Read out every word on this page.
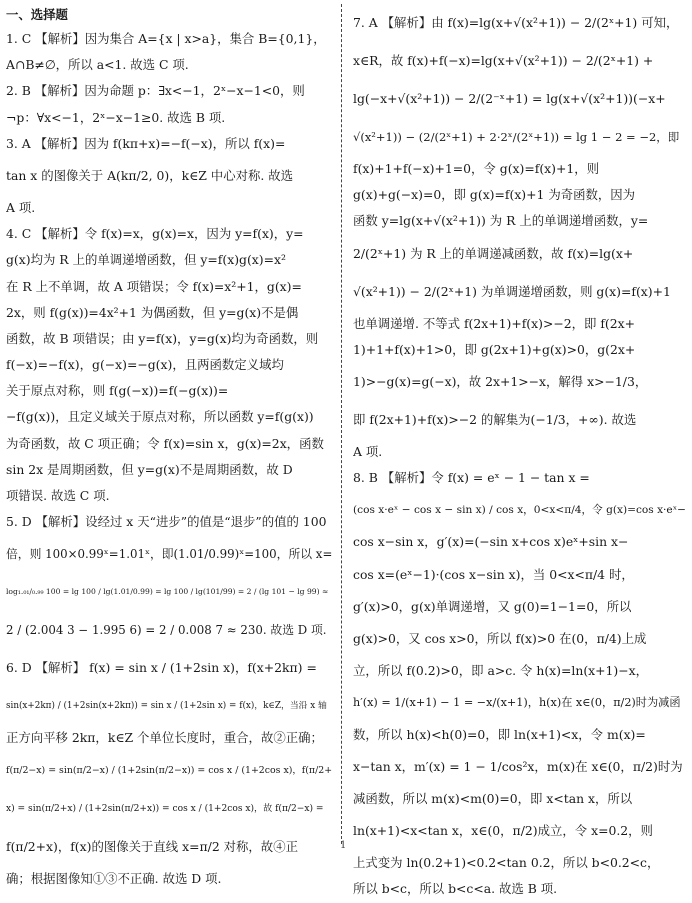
一、选择题
1. C 【解析】因为集合 A={x | x>a}，集合 B={0,1}，
A∩B≠∅，所以 a<1. 故选 C 项.
2. B 【解析】因为命题 p：∃x<−1，2ˣ−x−1<0，则
¬p：∀x<−1，2ˣ−x−1≥0. 故选 B 项.
3. A 【解析】因为 f(kπ+x)=−f(−x)，所以 f(x)=
tan x 的图像关于 A(kπ/2, 0)，k∈Z 中心对称. 故选
A 项.
4. C 【解析】令 f(x)=x，g(x)=x，因为 y=f(x)，y=
g(x)均为 R 上的单调递增函数，但 y=f(x)g(x)=x²
在 R 上不单调，故 A 项错误；令 f(x)=x²+1，g(x)=
2x，则 f(g(x))=4x²+1 为偶函数，但 y=g(x)不是偶
函数，故 B 项错误；由 y=f(x)，y=g(x)均为奇函数，则
f(−x)=−f(x)，g(−x)=−g(x)，且两函数定义域均
关于原点对称，则 f(g(−x))=f(−g(x))=
−f(g(x))，且定义域关于原点对称，所以函数 y=f(g(x))
为奇函数，故 C 项正确；令 f(x)=sin x，g(x)=2x，函数
sin 2x 是周期函数，但 y=g(x)不是周期函数，故 D
项错误. 故选 C 项.
5. D 【解析】设经过 x 天“进步”的值是“退步”的值的 100
倍，则 100×0.99ˣ=1.01ˣ，即(1.01/0.99)ˣ=100，所以 x=
log₁.₀₁/₀.₉₉ 100 = lg 100 / lg(1.01/0.99) = lg 100 / lg(101/99) = 2 / (lg 101 − lg 99) ≈
2 / (2.004 3 − 1.995 6) = 2 / 0.008 7 ≈ 230. 故选 D 项.
6. D 【解析】 f(x) = sin x / (1+2sin x)，f(x+2kπ) =
sin(x+2kπ) / (1+2sin(x+2kπ)) = sin x / (1+2sin x) = f(x)，k∈Z，当沿 x 轴
正方向平移 2kπ，k∈Z 个单位长度时，重合，故②正确；
f(π/2−x) = sin(π/2−x) / (1+2sin(π/2−x)) = cos x / (1+2cos x)，f(π/2+
x) = sin(π/2+x) / (1+2sin(π/2+x)) = cos x / (1+2cos x)，故 f(π/2−x) =
f(π/2+x)，f(x)的图像关于直线 x=π/2 对称，故④正
确；根据图像知①③不正确. 故选 D 项.
7. A 【解析】由 f(x)=lg(x+√(x²+1)) − 2/(2ˣ+1) 可知，
x∈R，故 f(x)+f(−x)=lg(x+√(x²+1)) − 2/(2ˣ+1) +
lg(−x+√(x²+1)) − 2/(2⁻ˣ+1) = lg(x+√(x²+1))(−x+
√(x²+1)) − (2/(2ˣ+1) + 2·2ˣ/(2ˣ+1)) = lg 1 − 2 = −2，即
f(x)+1+f(−x)+1=0，令 g(x)=f(x)+1，则
g(x)+g(−x)=0，即 g(x)=f(x)+1 为奇函数，因为
函数 y=lg(x+√(x²+1)) 为 R 上的单调递增函数，y=
2/(2ˣ+1) 为 R 上的单调递减函数，故 f(x)=lg(x+
√(x²+1)) − 2/(2ˣ+1) 为单调递增函数，则 g(x)=f(x)+1
也单调递增. 不等式 f(2x+1)+f(x)>−2，即 f(2x+
1)+1+f(x)+1>0，即 g(2x+1)+g(x)>0，g(2x+
1)>−g(x)=g(−x)，故 2x+1>−x，解得 x>−1/3，
即 f(2x+1)+f(x)>−2 的解集为(−1/3，+∞). 故选
A 项.
8. B 【解析】令 f(x) = eˣ − 1 − tan x =
(cos x·eˣ − cos x − sin x) / cos x，0<x<π/4，令 g(x)=cos x·eˣ−
cos x−sin x，g′(x)=(−sin x+cos x)eˣ+sin x−
cos x=(eˣ−1)·(cos x−sin x)，当 0<x<π/4 时，
g′(x)>0，g(x)单调递增，又 g(0)=1−1=0，所以
g(x)>0，又 cos x>0，所以 f(x)>0 在(0，π/4)上成
立，所以 f(0.2)>0，即 a>c. 令 h(x)=ln(x+1)−x，
h′(x) = 1/(x+1) − 1 = −x/(x+1)，h(x)在 x∈(0，π/2)时为减函
数，所以 h(x)<h(0)=0，即 ln(x+1)<x，令 m(x)=
x−tan x，m′(x) = 1 − 1/cos²x，m(x)在 x∈(0，π/2)时为
减函数，所以 m(x)<m(0)=0，即 x<tan x，所以
ln(x+1)<x<tan x，x∈(0，π/2)成立，令 x=0.2，则
上式变为 ln(0.2+1)<0.2<tan 0.2，所以 b<0.2<c，
所以 b<c，所以 b<c<a. 故选 B 项.
1
